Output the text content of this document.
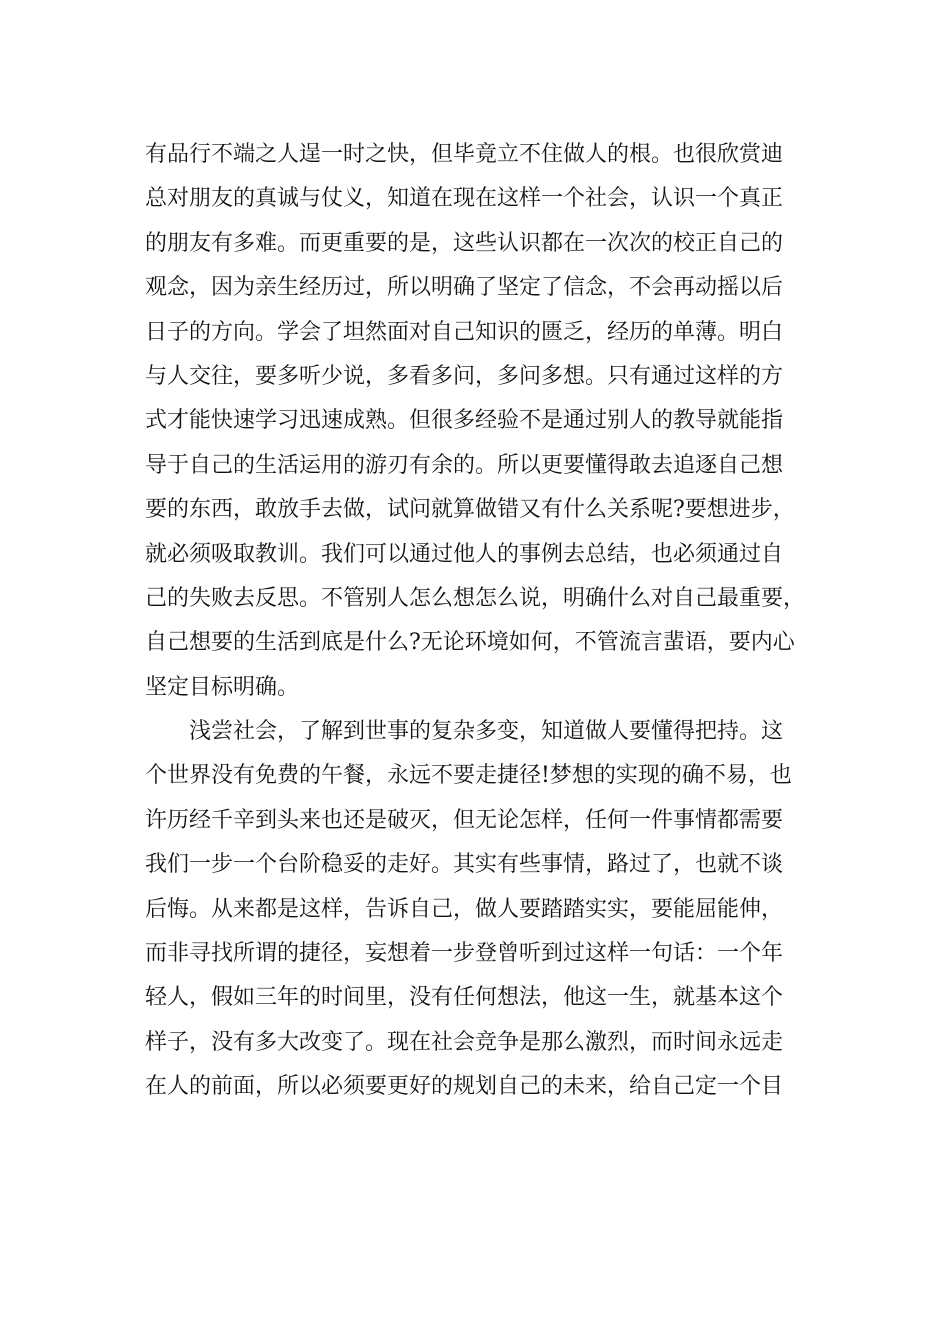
有品行不端之人逞一时之快，但毕竟立不住做人的根。也很欣赏迪
总对朋友的真诚与仗义，知道在现在这样一个社会，认识一个真正
的朋友有多难。而更重要的是，这些认识都在一次次的校正自己的
观念，因为亲生经历过，所以明确了坚定了信念，不会再动摇以后
日子的方向。学会了坦然面对自己知识的匮乏，经历的单薄。明白
与人交往，要多听少说，多看多问，多问多想。只有通过这样的方
式才能快速学习迅速成熟。但很多经验不是通过别人的教导就能指
导于自己的生活运用的游刃有余的。所以更要懂得敢去追逐自己想
要的东西，敢放手去做，试问就算做错又有什么关系呢?要想进步，
就必须吸取教训。我们可以通过他人的事例去总结，也必须通过自
己的失败去反思。不管别人怎么想怎么说，明确什么对自己最重要，
自己想要的生活到底是什么?无论环境如何，不管流言蜚语，要内心
坚定目标明确。
浅尝社会，了解到世事的复杂多变，知道做人要懂得把持。这
个世界没有免费的午餐，永远不要走捷径!梦想的实现的确不易，也
许历经千辛到头来也还是破灭，但无论怎样，任何一件事情都需要
我们一步一个台阶稳妥的走好。其实有些事情，路过了，也就不谈
后悔。从来都是这样，告诉自己，做人要踏踏实实，要能屈能伸，
而非寻找所谓的捷径，妄想着一步登曾听到过这样一句话：一个年
轻人，假如三年的时间里，没有任何想法，他这一生，就基本这个
样子，没有多大改变了。现在社会竞争是那么激烈，而时间永远走
在人的前面，所以必须要更好的规划自己的未来，给自己定一个目
